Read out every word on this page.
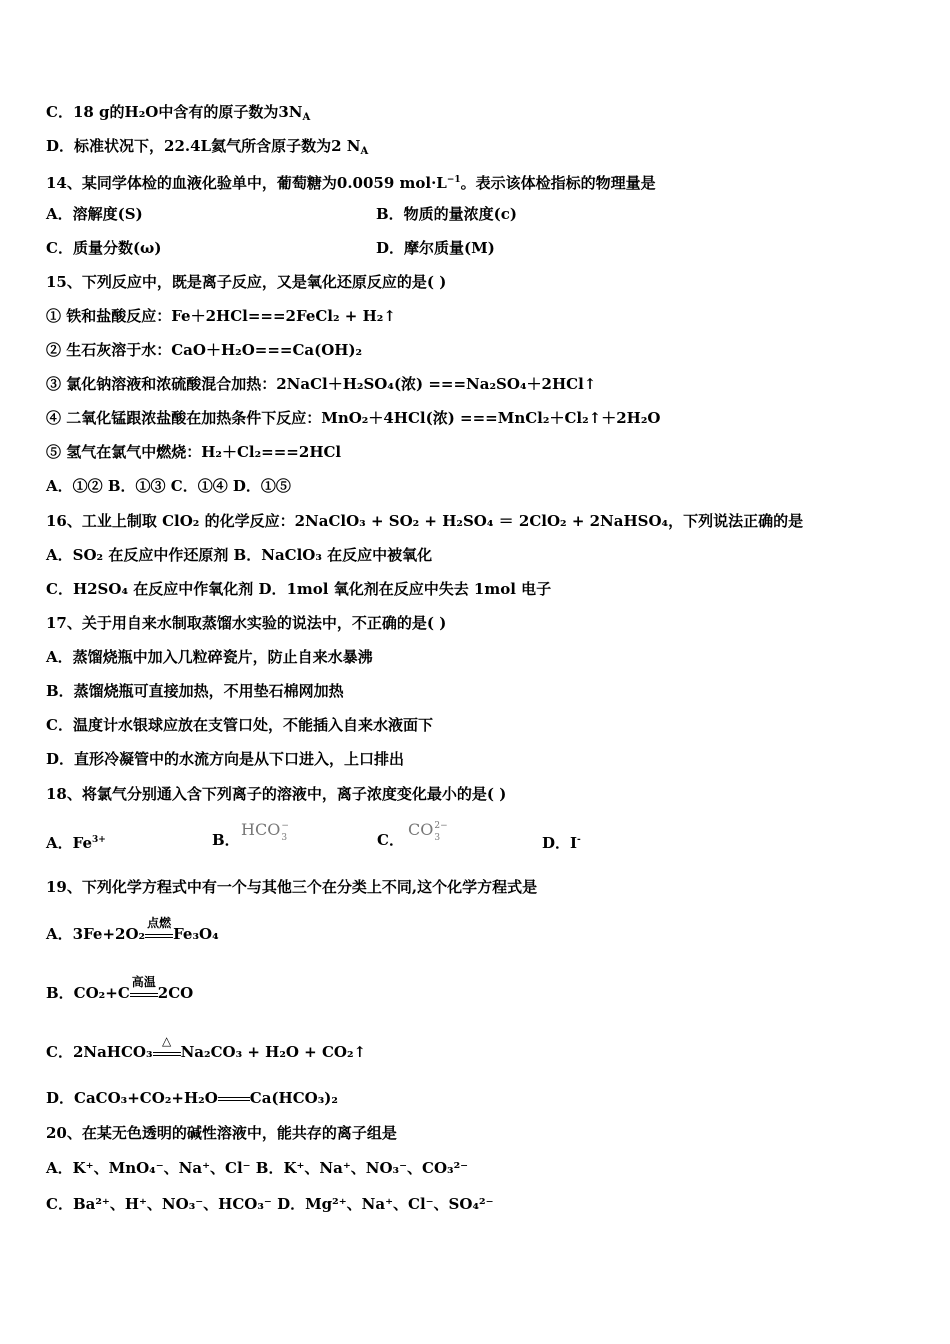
C．18 g的H₂O中含有的原子数为$3N_A$
D．标准状况下，22.4L氦气所含原子数为2 $N_A$
14、某同学体检的血液化验单中，葡萄糖为0.0059 $mol\cdot L^{-1}$。表示该体检指标的物理量是
A．溶解度(S)	B．物质的量浓度(c)
C．质量分数(ω)	D．摩尔质量(M)
15、下列反应中，既是离子反应，又是氧化还原反应的是( )
① 铁和盐酸反应：Fe＋2HCl===2FeCl₂ + H₂↑
② 生石灰溶于水：CaO＋H₂O===Ca(OH)₂
③ 氯化钠溶液和浓硫酸混合加热：2NaCl＋H₂SO₄(浓) ===Na₂SO₄＋2HCl↑
④ 二氧化锰跟浓盐酸在加热条件下反应：MnO₂＋4HCl(浓) ===MnCl₂＋Cl₂↑＋2H₂O
⑤ 氢气在氯气中燃烧：H₂＋Cl₂===2HCl
A．①② B．①③ C．①④ D．①⑤
16、工业上制取 ClO₂ 的化学反应：2NaClO₃ + SO₂ + H₂SO₄ ＝ 2ClO₂ + 2NaHSO₄，下列说法正确的是
A．SO₂ 在反应中作还原剂 B．NaClO₃ 在反应中被氧化
C．H2SO₄ 在反应中作氧化剂 D．1mol 氧化剂在反应中失去 1mol 电子
17、关于用自来水制取蒸馏水实验的说法中，不正确的是( )
A．蒸馏烧瓶中加入几粒碎瓷片，防止自来水暴沸
B．蒸馏烧瓶可直接加热，不用垫石棉网加热
C．温度计水银球应放在支管口处，不能插入自来水液面下
D．直形冷凝管中的水流方向是从下口进入，上口排出
18、将氯气分别通入含下列离子的溶液中，离子浓度变化最小的是( )
A．$Fe^{3+}$	B．
HCO −
3	C．
CO 2−
3	D．I-
19、下列化学方程式中有一个与其他三个在分类上不同,这个化学方程式是
A．3Fe+2O₂
点燃
Fe₃O₄
B．CO₂+C
高温
2CO
C．2NaHCO₃
△
Na₂CO₃ + H₂O + CO₂↑
D．CaCO₃+CO₂+H₂O Ca(HCO₃)₂
20、在某无色透明的碱性溶液中，能共存的离子组是
A．K⁺、MnO₄⁻、Na⁺、Cl⁻ B．K⁺、Na⁺、NO₃⁻、CO₃²⁻
C．Ba²⁺、H⁺、NO₃⁻、HCO₃⁻ D．Mg²⁺、Na⁺、Cl⁻、SO₄²⁻
